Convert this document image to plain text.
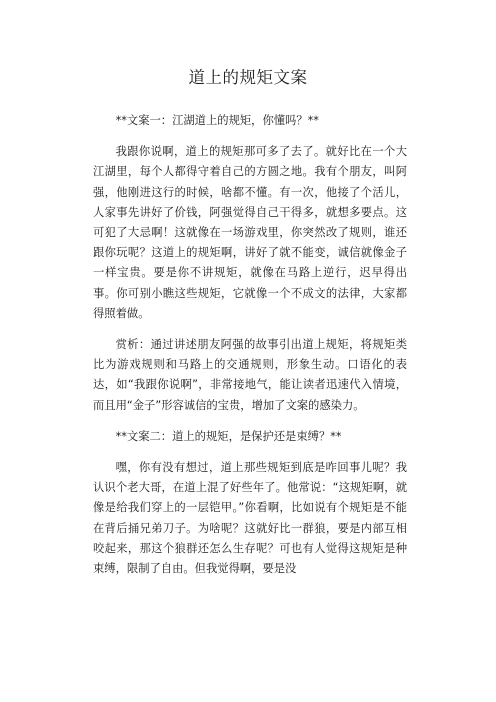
道上的规矩文案

**文案一：江湖道上的规矩，你懂吗？**

我跟你说啊，道上的规矩那可多了去了。就好比在一个大江湖里，每个人都得守着自己的方圆之地。我有个朋友，叫阿强，他刚进这行的时候，啥都不懂。有一次，他接了个活儿，人家事先讲好了价钱，阿强觉得自己干得多，就想多要点。这可犯了大忌啊！这就像在一场游戏里，你突然改了规则，谁还跟你玩呢？这道上的规矩啊，讲好了就不能变，诚信就像金子一样宝贵。要是你不讲规矩，就像在马路上逆行，迟早得出事。你可别小瞧这些规矩，它就像一个不成文的法律，大家都得照着做。

赏析：通过讲述朋友阿强的故事引出道上规矩，将规矩类比为游戏规则和马路上的交通规则，形象生动。口语化的表达，如“我跟你说啊”，非常接地气，能让读者迅速代入情境，而且用“金子”形容诚信的宝贵，增加了文案的感染力。

**文案二：道上的规矩，是保护还是束缚？**

嘿，你有没有想过，道上那些规矩到底是咋回事儿呢？我认识个老大哥，在道上混了好些年了。他常说：“这规矩啊，就像是给我们穿上的一层铠甲。”你看啊，比如说有个规矩是不能在背后捅兄弟刀子。为啥呢？这就好比一群狼，要是内部互相咬起来，那这个狼群还怎么生存呢？可也有人觉得这规矩是种束缚，限制了自由。但我觉得啊，要是没
